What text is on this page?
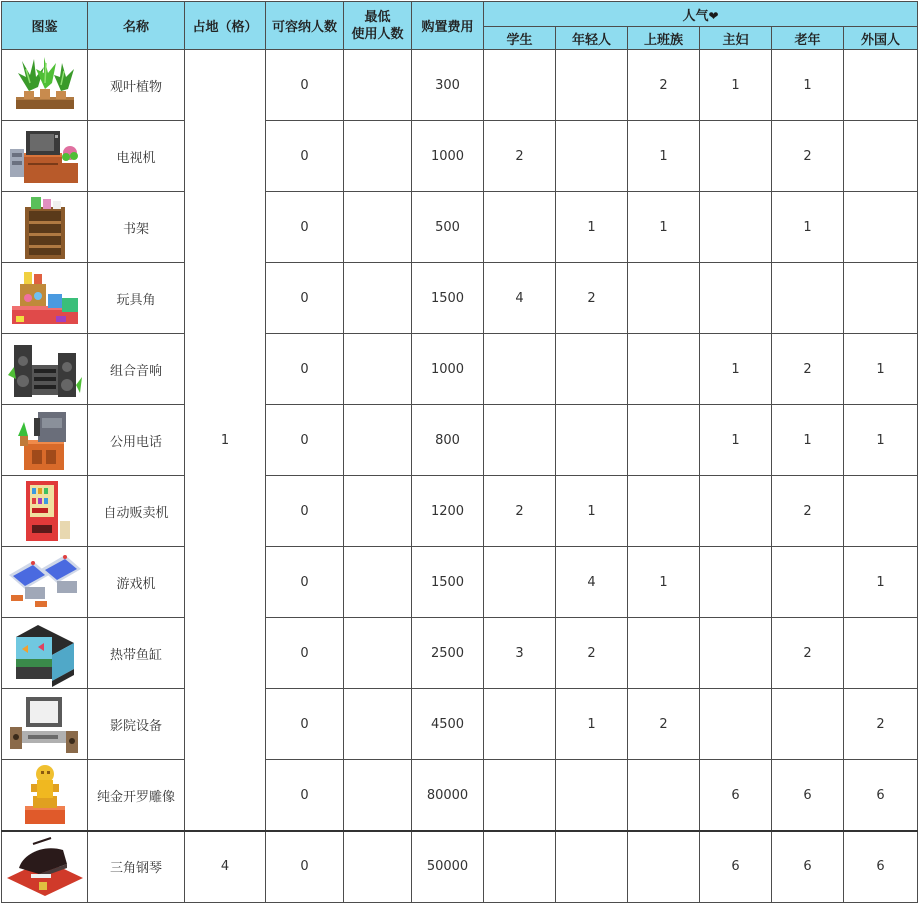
图鉴	名称	占地（格）	可容纳人数	最低
使用人数	购置费用	人气❤					
						学生	年轻人	上班族	主妇	老年	外国人

	观叶植物	1	0		300			2	1	1	

	电视机		0		1000	2		1		2	

	书架		0		500		1	1		1	

	玩具角		0		1500	4	2				

	组合音响		0		1000				1	2	1

	公用电话		0		800				1	1	1

	自动贩卖机		0		1200	2	1			2	

	游戏机		0		1500		4	1			1

	热带鱼缸		0		2500	3	2			2	

	影院设备		0		4500		1	2			2

	纯金开罗雕像		0		80000				6	6	6

	三角钢琴	4	0		50000				6	6	6
